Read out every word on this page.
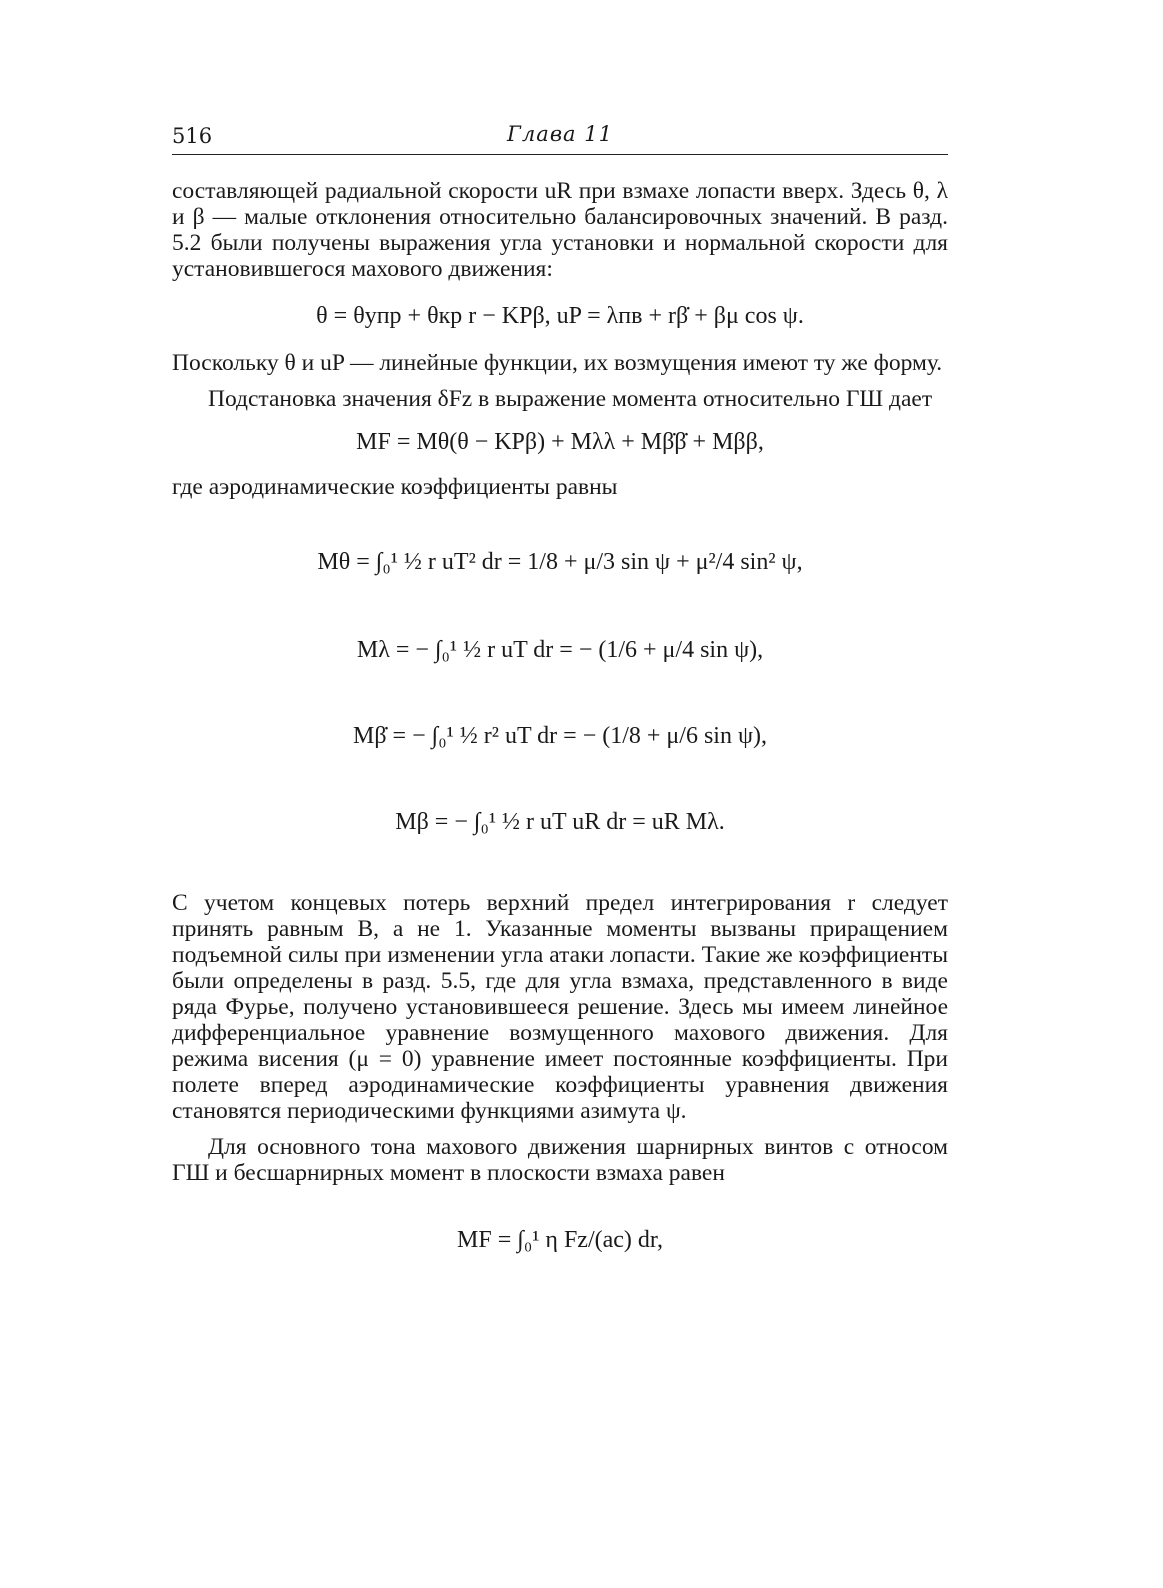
516	Глава 11

составляющей радиальной скорости uR при взмахе лопасти вверх. Здесь θ, λ и β — малые отклонения относительно балансировочных значений. В разд. 5.2 были получены выражения угла установки и нормальной скорости для установившегося махового движения:

θ = θупр + θкр r − KPβ, uP = λпв + rβ̇ + βμ cos ψ.

Поскольку θ и uP — линейные функции, их возмущения имеют ту же форму.

Подстановка значения δFz в выражение момента относительно ГШ дает

MF = Mθ(θ − KPβ) + Mλλ + Mβ̇β̇ + Mββ,

где аэродинамические коэффициенты равны

Mθ = ∫₀¹ ½ r uT² dr = 1/8 + μ/3 sin ψ + μ²/4 sin² ψ,
Mλ = − ∫₀¹ ½ r uT dr = − (1/6 + μ/4 sin ψ),
Mβ̇ = − ∫₀¹ ½ r² uT dr = − (1/8 + μ/6 sin ψ),
Mβ = − ∫₀¹ ½ r uT uR dr = uR Mλ.

С учетом концевых потерь верхний предел интегрирования r следует принять равным B, а не 1. Указанные моменты вызваны приращением подъемной силы при изменении угла атаки лопасти. Такие же коэффициенты были определены в разд. 5.5, где для угла взмаха, представленного в виде ряда Фурье, получено установившееся решение. Здесь мы имеем линейное дифференциальное уравнение возмущенного махового движения. Для режима висения (μ = 0) уравнение имеет постоянные коэффициенты. При полете вперед аэродинамические коэффициенты уравнения движения становятся периодическими функциями азимута ψ.

Для основного тона махового движения шарнирных винтов с относом ГШ и бесшарнирных момент в плоскости взмаха равен

MF = ∫₀¹ η Fz/(ac) dr,
